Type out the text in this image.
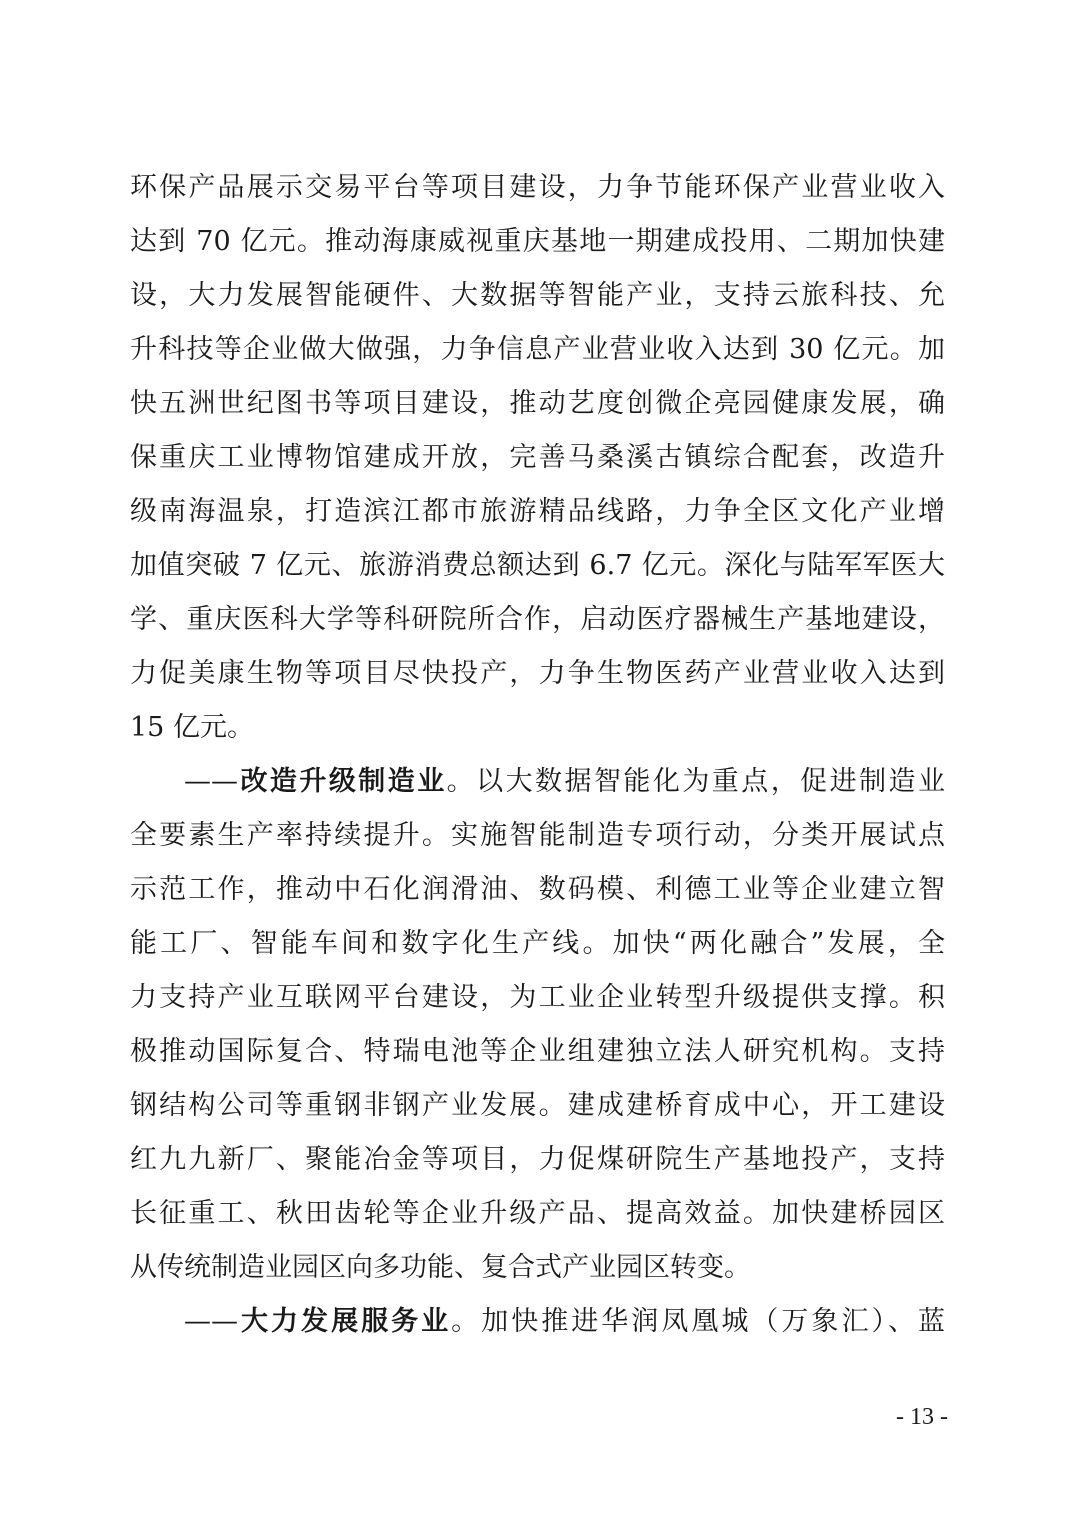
环保产品展示交易平台等项目建设，力争节能环保产业营业收入
达到 70 亿元。推动海康威视重庆基地一期建成投用、二期加快建
设，大力发展智能硬件、大数据等智能产业，支持云旅科技、允
升科技等企业做大做强，力争信息产业营业收入达到 30 亿元。加
快五洲世纪图书等项目建设，推动艺度创微企亮园健康发展，确
保重庆工业博物馆建成开放，完善马桑溪古镇综合配套，改造升
级南海温泉，打造滨江都市旅游精品线路，力争全区文化产业增
加值突破 7 亿元、旅游消费总额达到 6.7 亿元。深化与陆军军医大
学、重庆医科大学等科研院所合作，启动医疗器械生产基地建设，
力促美康生物等项目尽快投产，力争生物医药产业营业收入达到
15 亿元。
——改造升级制造业。以大数据智能化为重点，促进制造业
全要素生产率持续提升。实施智能制造专项行动，分类开展试点
示范工作，推动中石化润滑油、数码模、利德工业等企业建立智
能工厂、智能车间和数字化生产线。加快“两化融合”发展，全
力支持产业互联网平台建设，为工业企业转型升级提供支撑。积
极推动国际复合、特瑞电池等企业组建独立法人研究机构。支持
钢结构公司等重钢非钢产业发展。建成建桥育成中心，开工建设
红九九新厂、聚能冶金等项目，力促煤研院生产基地投产，支持
长征重工、秋田齿轮等企业升级产品、提高效益。加快建桥园区
从传统制造业园区向多功能、复合式产业园区转变。
——大力发展服务业。加快推进华润凤凰城（万象汇）、蓝
- 13 -
